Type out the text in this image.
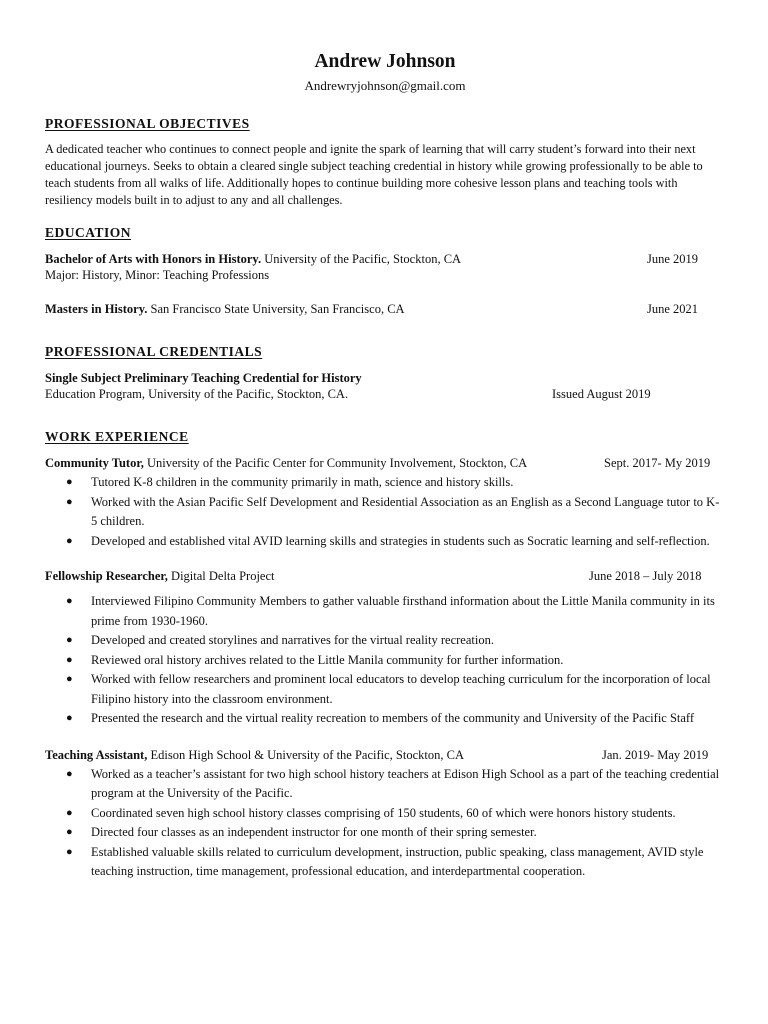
Andrew Johnson
Andrewryjohnson@gmail.com
PROFESSIONAL OBJECTIVES
A dedicated teacher who continues to connect people and ignite the spark of learning that will carry student’s forward into their next educational journeys. Seeks to obtain a cleared single subject teaching credential in history while growing professionally to be able to teach students from all walks of life. Additionally hopes to continue building more cohesive lesson plans and teaching tools with resiliency models built in to adjust to any and all challenges.
EDUCATION
Bachelor of Arts with Honors in History. University of the Pacific, Stockton, CA	June 2019
Major: History, Minor: Teaching Professions
Masters in History. San Francisco State University, San Francisco, CA	June 2021
PROFESSIONAL CREDENTIALS
Single Subject Preliminary Teaching Credential for History
Education Program, University of the Pacific, Stockton, CA.	Issued August 2019
WORK EXPERIENCE
Community Tutor, University of the Pacific Center for Community Involvement, Stockton, CA	Sept. 2017- My 2019
● Tutored K-8 children in the community primarily in math, science and history skills.
● Worked with the Asian Pacific Self Development and Residential Association as an English as a Second Language tutor to K-5 children.
● Developed and established vital AVID learning skills and strategies in students such as Socratic learning and self-reflection.
Fellowship Researcher, Digital Delta Project	June 2018 – July 2018
● Interviewed Filipino Community Members to gather valuable firsthand information about the Little Manila community in its prime from 1930-1960.
● Developed and created storylines and narratives for the virtual reality recreation.
● Reviewed oral history archives related to the Little Manila community for further information.
● Worked with fellow researchers and prominent local educators to develop teaching curriculum for the incorporation of local Filipino history into the classroom environment.
● Presented the research and the virtual reality recreation to members of the community and University of the Pacific Staff
Teaching Assistant, Edison High School & University of the Pacific, Stockton, CA	Jan. 2019- May 2019
● Worked as a teacher’s assistant for two high school history teachers at Edison High School as a part of the teaching credential program at the University of the Pacific.
● Coordinated seven high school history classes comprising of 150 students, 60 of which were honors history students.
● Directed four classes as an independent instructor for one month of their spring semester.
● Established valuable skills related to curriculum development, instruction, public speaking, class management, AVID style teaching instruction, time management, professional education, and interdepartmental cooperation.
